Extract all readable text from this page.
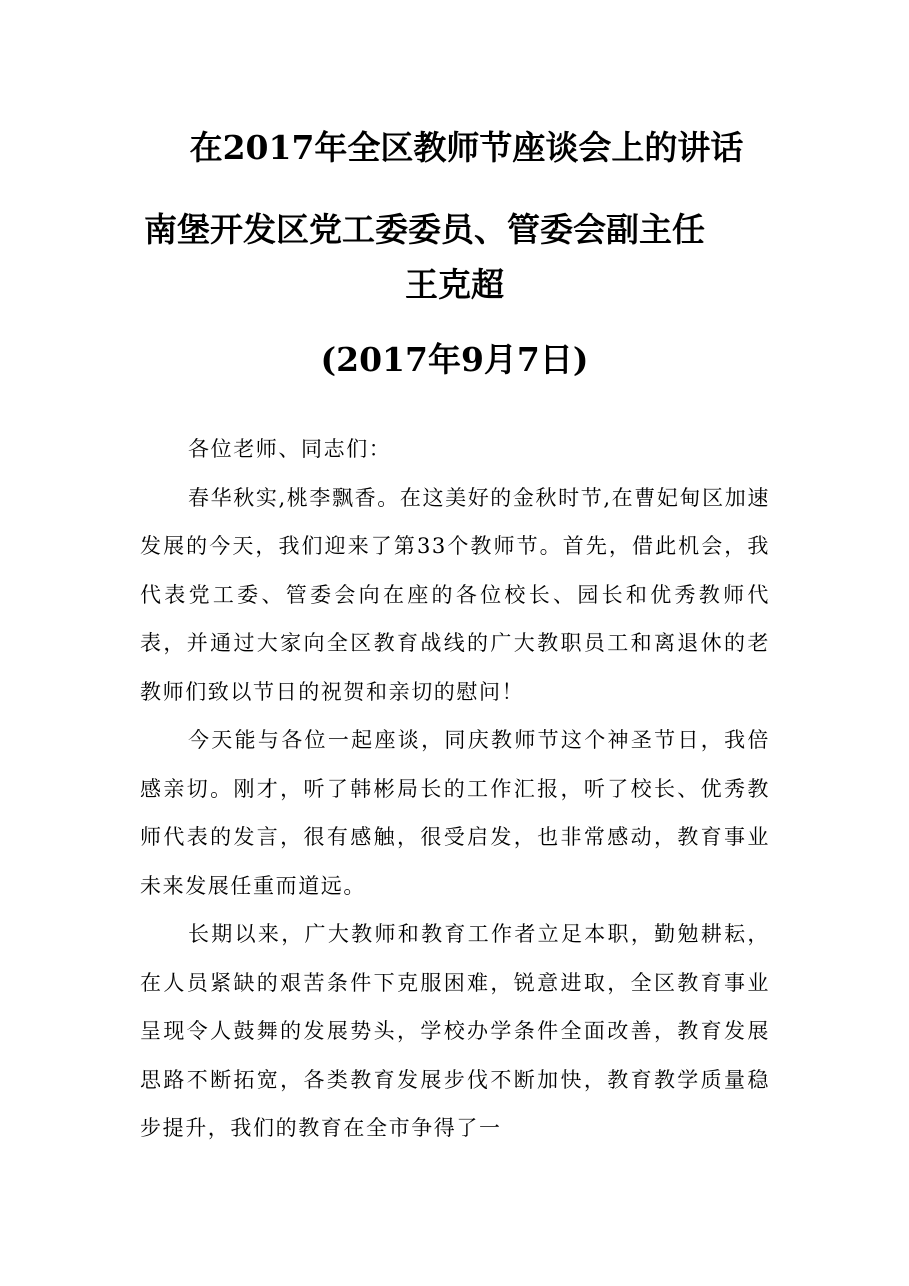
在2017年全区教师节座谈会上的讲话
南堡开发区党工委委员、管委会副主任
王克超
(2017年9月7日)

各位老师、同志们：

春华秋实,桃李飘香。在这美好的金秋时节,在曹妃甸区加速发展的今天，我们迎来了第33个教师节。首先，借此机会，我代表党工委、管委会向在座的各位校长、园长和优秀教师代表，并通过大家向全区教育战线的广大教职员工和离退休的老教师们致以节日的祝贺和亲切的慰问！

今天能与各位一起座谈，同庆教师节这个神圣节日，我倍感亲切。刚才，听了韩彬局长的工作汇报，听了校长、优秀教师代表的发言，很有感触，很受启发，也非常感动，教育事业未来发展任重而道远。

长期以来，广大教师和教育工作者立足本职，勤勉耕耘，在人员紧缺的艰苦条件下克服困难，锐意进取，全区教育事业呈现令人鼓舞的发展势头，学校办学条件全面改善，教育发展思路不断拓宽，各类教育发展步伐不断加快，教育教学质量稳步提升，我们的教育在全市争得了一
